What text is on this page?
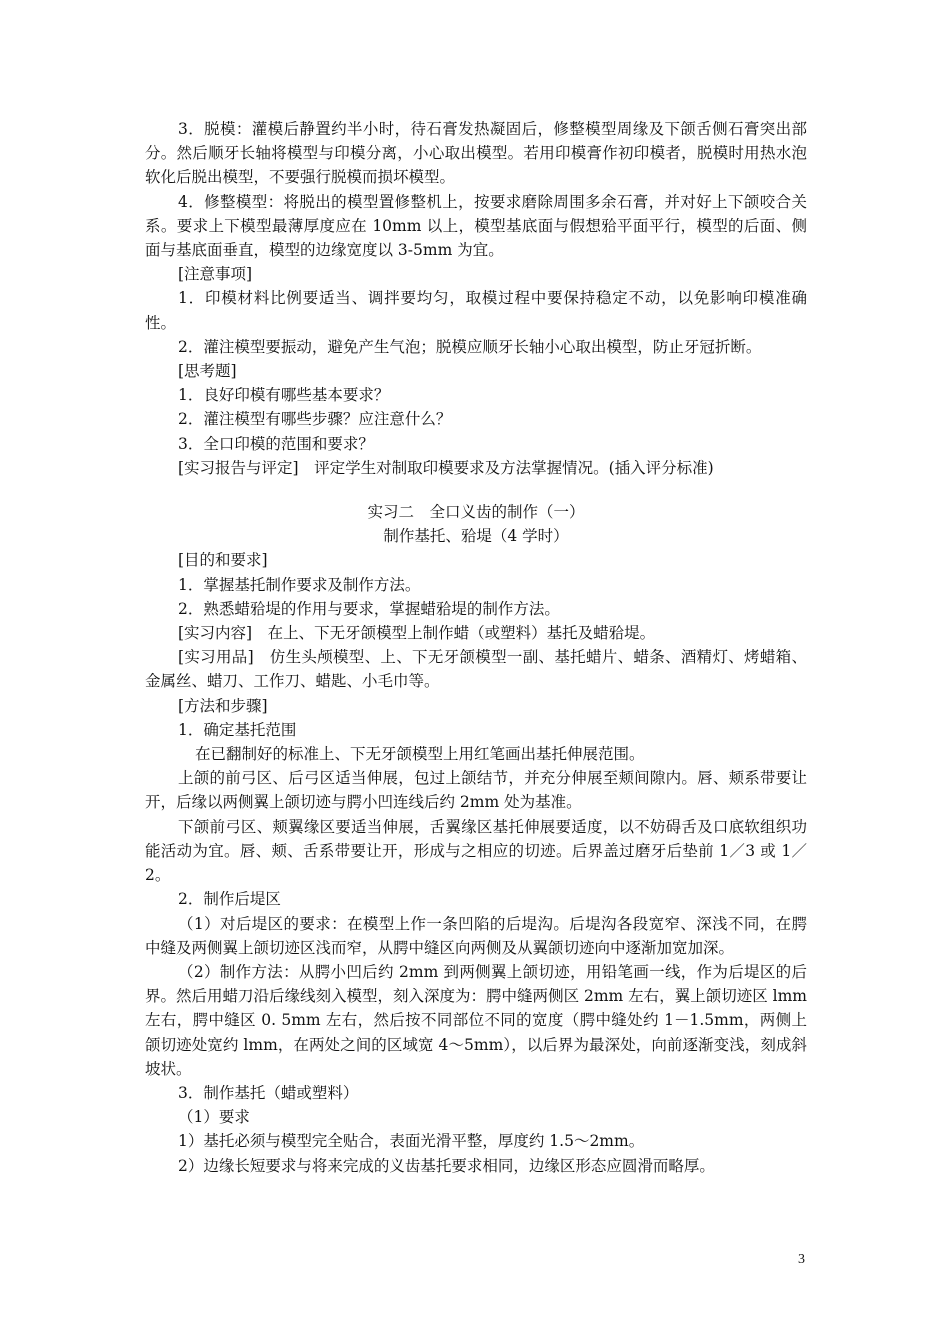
3．脱模：灌模后静置约半小时，待石膏发热凝固后，修整模型周缘及下颌舌侧石膏突出部分。然后顺牙长轴将模型与印模分离，小心取出模型。若用印模膏作初印模者，脱模时用热水泡软化后脱出模型，不要强行脱模而损坏模型。

4．修整模型：将脱出的模型置修整机上，按要求磨除周围多余石膏，并对好上下颌咬合关系。要求上下模型最薄厚度应在 10mm 以上，模型基底面与假想𬌗平面平行，模型的后面、侧面与基底面垂直，模型的边缘宽度以 3-5mm 为宜。

[注意事项]

1．印模材料比例要适当、调拌要均匀，取模过程中要保持稳定不动，以免影响印模准确性。

2．灌注模型要振动，避免产生气泡；脱模应顺牙长轴小心取出模型，防止牙冠折断。

[思考题]

1．良好印模有哪些基本要求？

2．灌注模型有哪些步骤？应注意什么？

3．全口印模的范围和要求？

[实习报告与评定]　评定学生对制取印模要求及方法掌握情况。(插入评分标准)

实习二　全口义齿的制作（一）

制作基托、𬌗堤（4 学时）

[目的和要求]

1．掌握基托制作要求及制作方法。

2．熟悉蜡𬌗堤的作用与要求，掌握蜡𬌗堤的制作方法。

[实习内容]　在上、下无牙颌模型上制作蜡（或塑料）基托及蜡𬌗堤。

[实习用品]　仿生头颅模型、上、下无牙颌模型一副、基托蜡片、蜡条、酒精灯、烤蜡箱、金属丝、蜡刀、工作刀、蜡匙、小毛巾等。

[方法和步骤]

1．确定基托范围

在已翻制好的标准上、下无牙颌模型上用红笔画出基托伸展范围。

上颌的前弓区、后弓区适当伸展，包过上颌结节，并充分伸展至颊间隙内。唇、颊系带要让开，后缘以两侧翼上颌切迹与腭小凹连线后约 2mm 处为基准。

下颌前弓区、颊翼缘区要适当伸展，舌翼缘区基托伸展要适度，以不妨碍舌及口底软组织功能活动为宜。唇、颊、舌系带要让开，形成与之相应的切迹。后界盖过磨牙后垫前 1／3 或 1／2。

2．制作后堤区

（1）对后堤区的要求：在模型上作一条凹陷的后堤沟。后堤沟各段宽窄、深浅不同，在腭中缝及两侧翼上颌切迹区浅而窄，从腭中缝区向两侧及从翼颌切迹向中逐渐加宽加深。

（2）制作方法：从腭小凹后约 2mm 到两侧翼上颌切迹，用铅笔画一线，作为后堤区的后界。然后用蜡刀沿后缘线刻入模型，刻入深度为：腭中缝两侧区 2mm 左右，翼上颌切迹区 lmm 左右，腭中缝区 0. 5mm 左右，然后按不同部位不同的宽度（腭中缝处约 1－1.5mm，两侧上颌切迹处宽约 lmm，在两处之间的区域宽 4～5mm），以后界为最深处，向前逐渐变浅，刻成斜坡状。

3．制作基托（蜡或塑料）

（1）要求

1）基托必须与模型完全贴合，表面光滑平整，厚度约 1.5～2mm。

2）边缘长短要求与将来完成的义齿基托要求相同，边缘区形态应圆滑而略厚。

3
